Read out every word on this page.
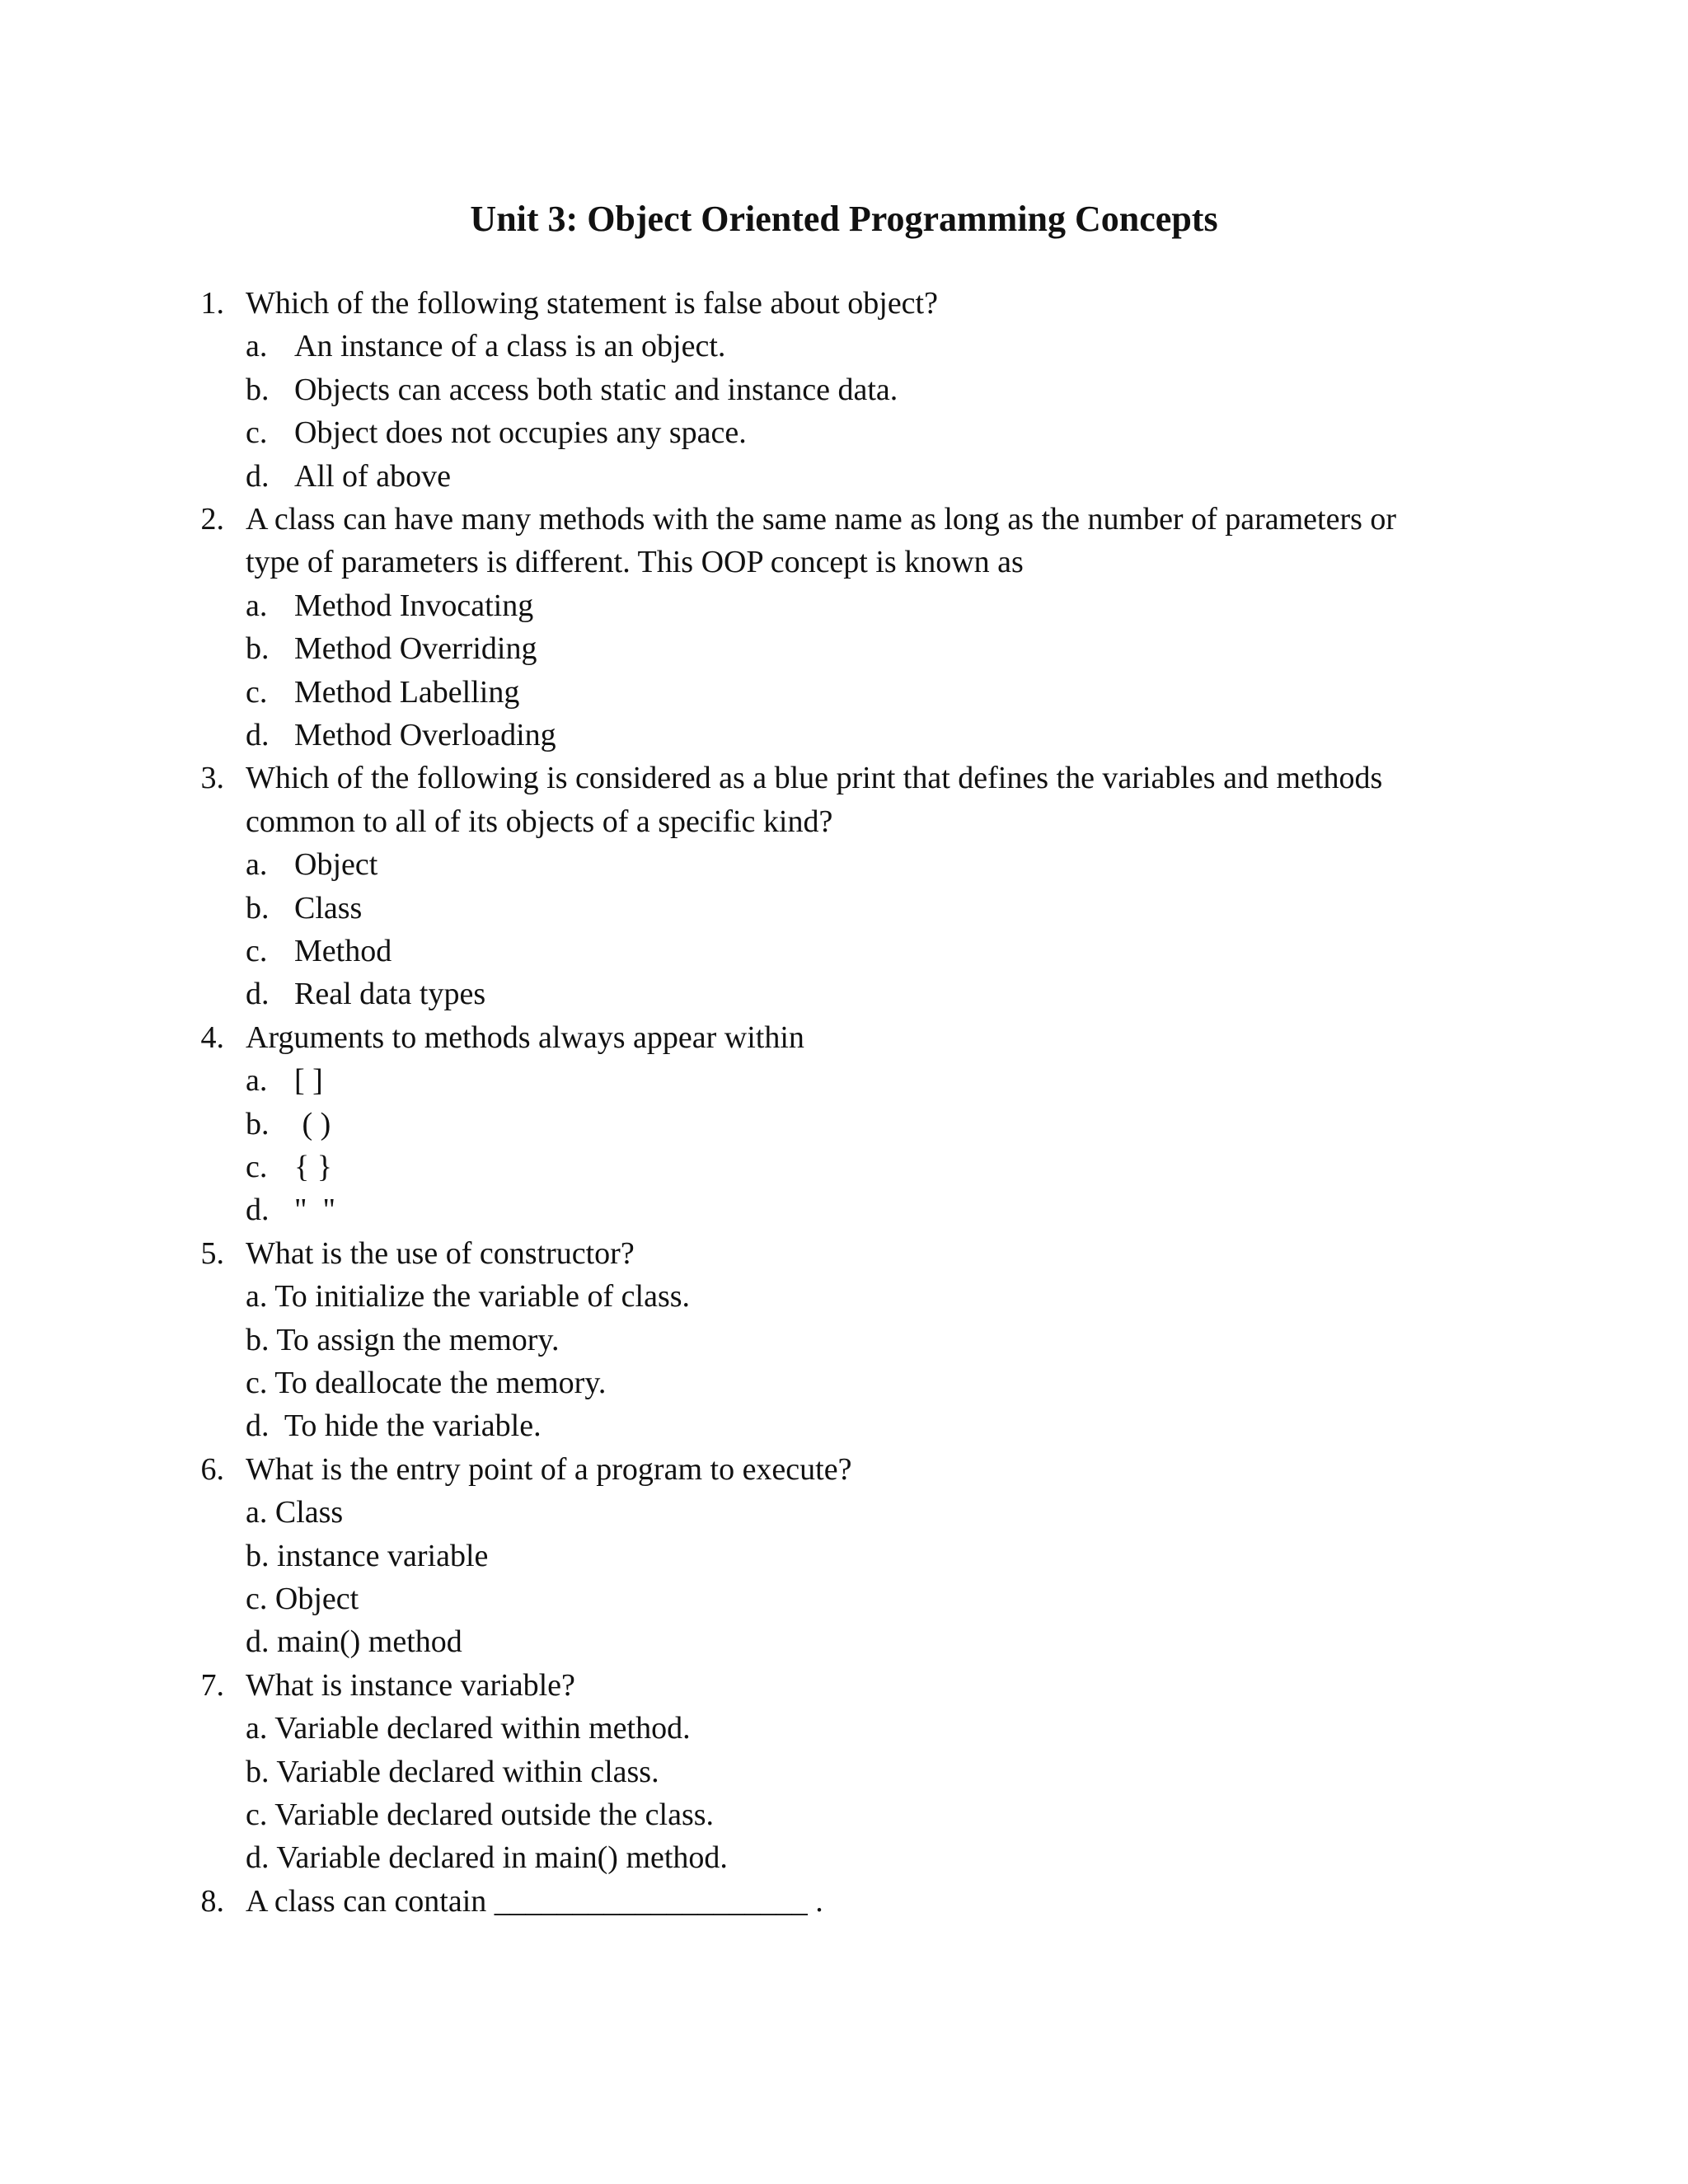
Unit 3: Object Oriented Programming Concepts
1. Which of the following statement is false about object?
a. An instance of a class is an object.
b. Objects can access both static and instance data.
c. Object does not occupies any space.
d. All of above
2. A class can have many methods with the same name as long as the number of parameters or
type of parameters is different. This OOP concept is known as
a. Method Invocating
b. Method Overriding
c. Method Labelling
d. Method Overloading
3. Which of the following is considered as a blue print that defines the variables and methods
common to all of its objects of a specific kind?
a. Object
b. Class
c. Method
d. Real data types
4. Arguments to methods always appear within
a. [ ]
b. ( )
c. { }
d. "  "
5. What is the use of constructor?
a. To initialize the variable of class.
b. To assign the memory.
c. To deallocate the memory.
d.  To hide the variable.
6. What is the entry point of a program to execute?
a. Class
b. instance variable
c. Object
d. main() method
7. What is instance variable?
a. Variable declared within method.
b. Variable declared within class.
c. Variable declared outside the class.
d. Variable declared in main() method.
8. A class can contain ____________________ .
